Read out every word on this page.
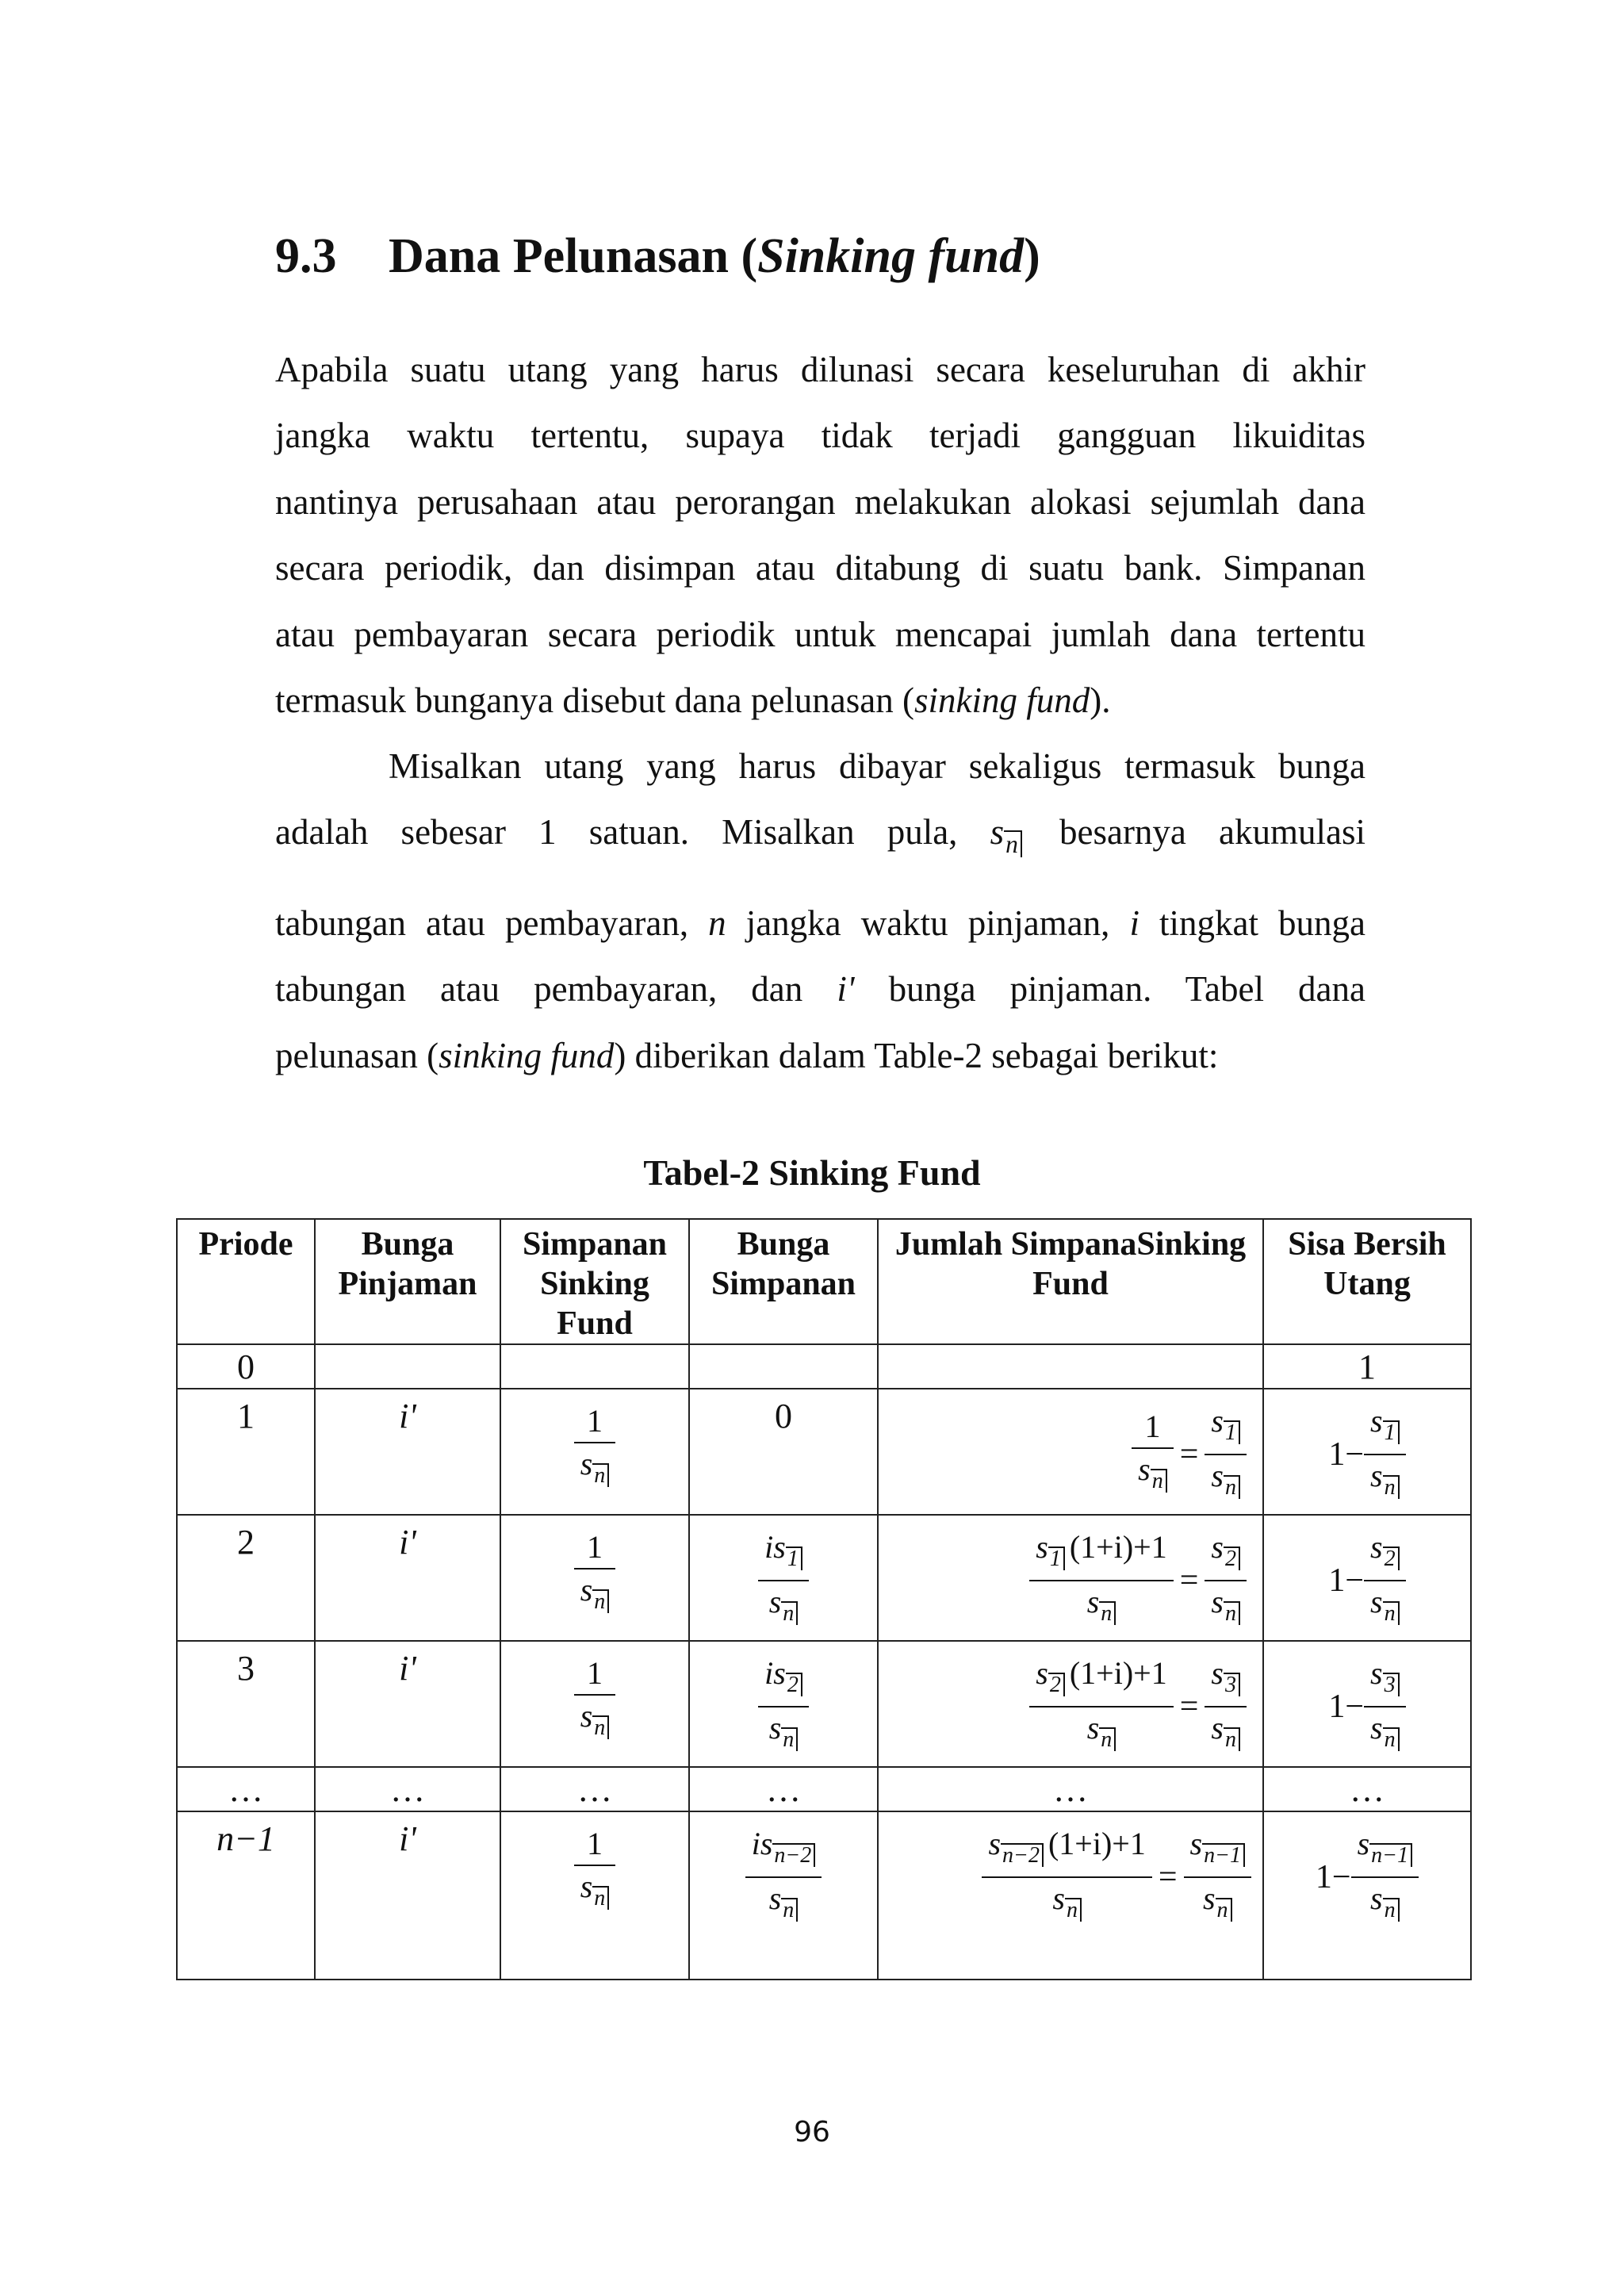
9.3 Dana Pelunasan (Sinking fund)
Apabila suatu utang yang harus dilunasi secara keseluruhan di akhir
jangka waktu tertentu, supaya tidak terjadi gangguan likuiditas
nantinya perusahaan atau perorangan melakukan alokasi sejumlah dana
secara periodik, dan disimpan atau ditabung di suatu bank. Simpanan
atau pembayaran secara periodik untuk mencapai jumlah dana tertentu
termasuk bunganya disebut dana pelunasan (sinking fund).
Misalkan utang yang harus dibayar sekaligus termasuk bunga
adalah sebesar 1 satuan. Misalkan pula, $s_n$ besarnya akumulasi
tabungan atau pembayaran, n jangka waktu pinjaman, i tingkat bunga
tabungan atau pembayaran, dan i' bunga pinjaman. Tabel dana
pelunasan (sinking fund) diberikan dalam Table-2 sebagai berikut:
Tabel-2 Sinking Fund
Priode	Bunga Pinjaman	Simpanan Sinking Fund	Bunga Simpanan	Jumlah SimpanaSinking Fund	Sisa Bersih Utang

0					1

1	i'	$\frac{1}{s_n}$	0	$\frac{1}{s_n} = \frac{s_1}{s_n}$	$1- \frac{s_1}{s_n}$

2	i'	$\frac{1}{s_n}$	$\frac{is_1}{s_n}$	$\frac{s_1 (1+i)+1}{s_n} = \frac{s_2}{s_n}$	$1- \frac{s_2}{s_n}$

3	i'	$\frac{1}{s_n}$	$\frac{is_2}{s_n}$	$\frac{s_2 (1+i)+1}{s_n} = \frac{s_3}{s_n}$	$1- \frac{s_3}{s_n}$

…	…	…	…	…	…

n−1	i'	$\frac{1}{s_n}$	$\frac{is_{n-2}}{s_n}$	$\frac{s_{n-2} (1+i)+1}{s_n} = \frac{s_{n-1}}{s_n}$	$1- \frac{s_{n-1}}{s_n}$
96
